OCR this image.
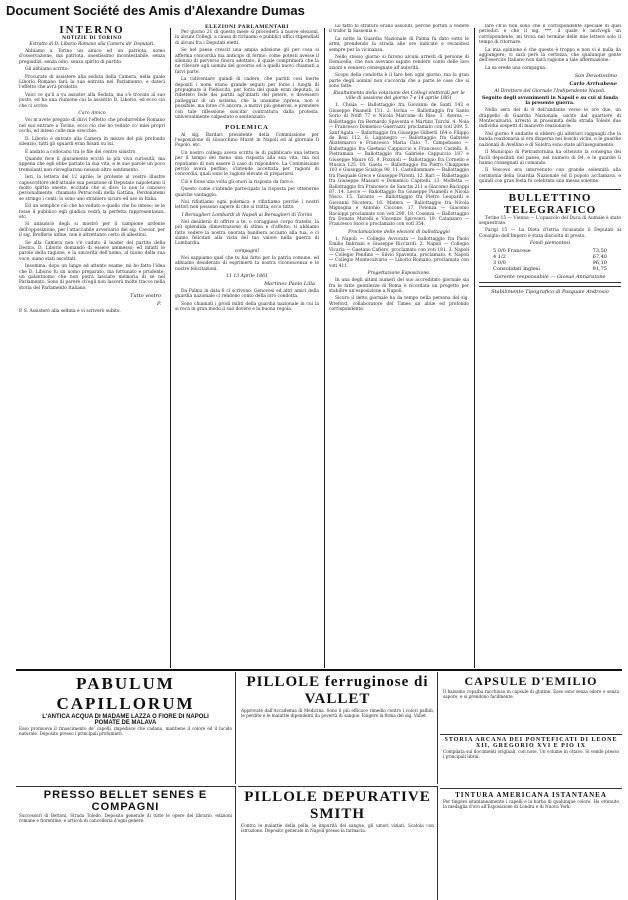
Document Société des Amis d'Alexandre Dumas
INTERNO
NOTIZIE DI TORINO
Estratto di D. Liborio Romano alla Camera de' Deputati.

Abbiamo a Torino un amico ed un patriota, uomo d'osservazione, ma patriota, onestissimo incontestabile, senza pregiudizi, senza odio, senza spirito di partito.

Gli abbiamo scritto:

Procurate di assistere alla seduta della Camera, nella quale Liborio Romano farà la sua entrata nel Parlamento, e datecì l'effetto che avrà prodotto.

Voici ce qu'il a vu assister alla Seduta, ma s'è trovato al suo posto, ed ha una riunione cui la assistito D. Liborio, ed ecco ciò che ci scrive:

Caro Amico

Voi m'avete pregato di dirvi l'effetto che produrrebbe Romano nel suo entrare a Torino, ecco ciò che ho veduto co' miei propri occhi, ed inteso colle mie orecchie.

D. Liborio è entrato alla Camera in mezzo del più profondo silenzio, tutti gli sguardi eran fissati su lui.

E andato a collocarsi tra le file del centro sinistro.

Quando fece il giuramento eccitò la più viva curiosità, ma appena che egli ebbe parlato la sua vita, e le sue parole un poco tremolanti non risvegliarono nessun altro sentimento.

Ieri, la lettera del 12 aprile; le proteste al vostro illustre caposcrittore dell'attuale sua posizione di Deputato napoletano il molto spirito onesto, eccitata che si dice: lo non lo conosco personalmente, chiamato Petruccelli della Gattina, Perdonatemi se stringo i conti: lo sono uno straniero sicuro ed uso in Italia.

Ed un semplice ciò che ho veduto e quello che ho inteso; se le fosse il pubblico egli giudica vedrà la perfetta rappresentanza, etc.

Si annunciò degli si mostrò per il campione ardente dell'opposizione, per l'attaccabile avversario del sig. Cavour, per il sig. Brofferio infine, non è altrettanto certo di allestirsi.

Se alla Camera non v'è caduto il leader del partito della Destra, D. Liborio domandò di essere ammesso; ed infatti le parole della ragione, e la sincerità dell'uomo, al tuono della sua voce, siano stati ascoltati.

Insomma, dopo un lungo ed attento esame, mi ho fatto l'idea che D. Liborio fu un uomo preparato, ma fortunato e prudente; un galantuomo che non potrà lasciare memoria di sè nel Parlamento. Sono di parere ch'egli non lascerà molte tracce nella storia del Parlamento Italiano.

Tutto vostro
P.
P. S. Assisterò alla seduta e vi scriverò subito.
ELEZIONI PARLAMENTARI

Per giorno 21 di questo mese si procederà a nuove elezioni, in alcuni Collegi, a causa di richiamo e pubblici uffici stipendiati di alcuni fra i Deputati eletti.

Se nel paese crescit una ampia adesione gli per cosa si afferma concordia ma anticipo di fermo: come potesti avesse il silenzio di perverso finora adottato, il quale comprimerà che la ne rilevare agli uomini del governo ed a quelli nuovi chiamati a farvi parte.

La ridiventare quindi di cadere, che partiti così inerte depositi i nomi erano grande seguiti per forse i luoghi di propugnare il Piebiscito, per forza del quale eran deputati, si ridettero fede dei partiti agl'intatti del potere, e dovessero palleggiar di un sistema, che la unanime ripresa, non è possibile, ma forse c'è ancora, a motivi più generosi, e prendere con tale riflessione suscitar contrattura dalla protesta, universalmente calpestato e sentenziato.

POLEMICA

Al sig. Bardari presidente della Commissione per l'esposizione di Gioacchino Murat in Napoli ed al giornale Il Popolo, etc.

Un nostro collega aveva scritto le di pubblicare una lettera per il tempo del meno una risposta alla sua vita, ma noi reputiamo di non essere il caso di rispondere. La Commissione perciò aveva perfino, s'intende accettata per ragioni di concordia, quali sono le ragioni elevate di prepararsi.

Ciò è forse una volta gli onori la risposta da fare e.

Questo come s'intende partecipato la risposta per ottenerne qualche vantaggio.

Noi rifiutiamo ogni polemica e rifiutiamo perché i nostri lettori non possono sapere di che si tratta; ecco tutto.

I Bersaglieri Lombardi di Napoli ai Bersaglieri di Torino

Nel desiderio di offrire a te, o coraggioso corpo fratello, la più splendida dimostrazione di stima e d'affetto, ti abbiamo fatto vedere la nostra onorata bandiera accanto alla tua, e ci siamo felicitati alla vista del tuo valore nella guerra di Lombardia.

compagni!

Noi sappiamo quel che tu hai fatto per la patria comune, ed abbiamo desiderato di esprimerti la nostra riconoscenza e le nostre felicitazioni.

11 13 Aprile 1861
Martinez Paolo Lilla

Da Palma in data 8 ci scrivono: Genovesi ed altri amici della guardia nazionale ci rendono conto della loro condotta.

Sono chiamati i prodi militi della guardia nazionale in cui la si reca in gran modo il suo dovere e la buona regola.

Lo fatto lo straturo erano assoluti, perchè portati a vedere il trafor la Sassonia e.

La notte la Guardia Nazionale di Palma fu dato sotto le armi, prendendo la strada alle ore indicate e recandosi sempre per la vicinanza.

Nello stesso giorno si furono alcuni arresti di persone di Domicella, che non avevano saputo rendere conto delle loro azioni e vennero consegnate all'autorità.

Scopo della condotta è il fare ben ogni giorno, ma la gran parte degli uomini non s'accorda che a parte le cose che si sono fatte.

Risultamento della votazione dei Collegi elettorali per le ville di sessione del giorno 7 e 14 aprile 1861

1. Chiaia — Ballottaggio fra Giovanni de Santi 143 e Giuseppe Pisanelli 131. 2. Ischia — Ballottaggio fra Santo Sorio di Nolfi 77 e Nicola Marcone di Riso. 3. Aversa — Ballottaggio fra Bernardo Spaventa e Martino Turchi. 4. Nola — Francesco Domenico Guerrazzi, proclamato con voti 209. 5. Sant'Agata — Ballottaggio fra Giuseppe Gilberti 164 e Filippo de Bosi 112. 6. Lagonegro — Ballottaggio fra Gabriele Abatemarco e Francesco Maria Calo. 7. Campobasso — Ballottaggio fra Gaetano Cappuccio e Francesco Castelli. 8. Pietramala — Ballottaggio fra Gabriele Cappuccio 187 e Giuseppe Mauro 65. 9. Pozzuoli — Ballottaggio fra Cornelio e Musica 125. 10. Gaeta — Ballottaggio fra Pietro Chiappone 103 e Giuseppe Scialoja 90. 11. Castellammare — Ballottaggio fra Pasquale Greco e Giuseppe Pironti. 12. Bari — Ballottaggio fra Giuseppe Massari e Domenico Capitelli. 13. Molfetta — Ballottaggio fra Francesco de Sanctis 211 e Giacomo Racioppi 87. 14. Lecce — Ballottaggio fra Giuseppe Pisanelli e Nicola Nisco. 15. Taranto — Ballottaggio fra Pietro Leopardi e Giovanni Nicotera. 16. Matera — Ballottaggio fra Nicola Mignogna e Antonio Ciccone. 17. Potenza — Giacomo Racioppi proclamato con voti 290. 18. Cosenza — Ballottaggio fra Donato Morelli e Vincenzo Sprovieri. 19. Catanzaro — Francesco Stocco proclamato con voti 354.

Proclamazione delle elezioni di ballottaggio

1. Napoli — Collegio Avvocata — ballottaggio fra Paolo Emilio Imbriani e Giuseppe Ricciardi. 2. Napoli — Collegio Vicaria — Gaetano Cafiero, proclamato con voti 181. 3. Napoli — Collegio Pendino — Silvio Spaventa, proclamato. 4. Napoli — Collegio Montecalvario — Liborio Romano, proclamato con voti 411.

Progettazione Esposizione.

In una degli ultimi numeri del suo accreditato giornale sia fra le fatte gentilezze di Roma è ricordata un progetto per stabilire un'esposizione a Napoli.

Sicuro il detto giornale ha da tempo nella persona del sig. Wreford, collaboratore del Times un abile ed profondo corrispondente.

lare ch'io non sono che il corrispondente speciale di quei periodici e che il sig. ***, il quale è anch'egli un corrispondente, mi trova nel termine delle mie lettere solo il tempo di ritornare.

La mia opinione è che questo è troppo e non vi è nulla da aggiungere; vi sarà però la certezza, che qualunque gente dell'esercito Italiano non darà ragione a tale affermazione.

La sa erede una compagna.

Son Devotissimo
Carlo Arrivabene
Al Direttore del Giornale l'Indipendente Napoli.
Seguito degli avvenimenti in Napoli e su cui si fonda la presente guerra.

Nella sera del di 8 dell'andante verso le ore due, un drappello di Guardia Nazionale, uscito dal quartiere di Montecalvario, arrestò in prossimità della strada Toledo due individui sospetti di manovre reazionarie.

Nel giorno 9 andante si ebbero gli ulteriori ragguagli che la banda reazionaria si era dispersa nei boschi vicini, e le guardie nazionali di Avellino e di Solofra sono state all'inseguimento.

Il Municipio di Pietrastornina ha ottenuto la consegna dei fucili depositati nel paese, nel numero di 84, e le guardie li hanno consegnati al comando.

Il Vescovo era intervenuto con grande solennità alla cerimonia della Guardia Nazionale ed il popolo acclamava, e quindi con gran festa fu celebrata una messa solenne.

BULLETTINO TELEGRAFICO

Torino 15 — Vienna — L'opuscolo del Duca di Aumale è stato sequestrato.

Parigi 15 — La Dieta d'Istria ricusando il Deputati al Consiglio dell'Impero è stata disciolta di presto.

Fondi piemontesi
5 0/0 Francese	73,50
4 1/2	67,40
3 0/0	96,10
Consolidati inglesi	91,75
Gerente responsabile — Giosuè Annaratone
Stabilimento Tipografico di Pasquale Androsio
PABULUM CAPILLORUM
L'ANTICA ACQUA DI MADAME LAZZA O FIORE DI NAPOLI
POMATE DE MALAVA
Esso promuove il rinascimento de' capelli, impedisce che cadano, mantiene il colore ed il lucido naturale. Deposito presso i principali profumieri.
PILLOLE ferruginose di VALLET
Approvate dall'Accademia di Medicina. Sono il più efficace rimedio contro i colori pallidi, le perdite e le malattie dipendenti da povertà di sangue. Esigere la firma del sig. Vallet.
CAPSULE D'EMILIO
Il balsamo copaiba racchiuso in capsule di glutine. Esse sono senza odore e senza sapore, e si prendono facilmente.
STORIA ARCANA DEI PONTEFICATI DI LEONE XII, GREGORIO XVI E PIO IX
Compilata sui documenti originali, con note. Un volume in ottavo. Si vende presso i principali librai.
PRESSO BELLET SENES E COMPAGNI
Successori di Bettoni, Strada Toledo. Deposito generale di tutte le opere del librario, edizioni romane e fiorentine, e articoli di cancelleria d'ogni genere.
PILLOLE DEPURATIVE SMITH
Contro le malattie della pelle, le impurità del sangue, gli umori viziati. Scatola con istruzione. Deposito generale in Napoli presso la farmacia.
TINTURA AMERICANA ISTANTANEA
Per tingere istantaneamente i capelli e la barba di qualunque colore. Ha ottenuto la medaglia d'oro all'Esposizione di Londra e di Nuova York.
